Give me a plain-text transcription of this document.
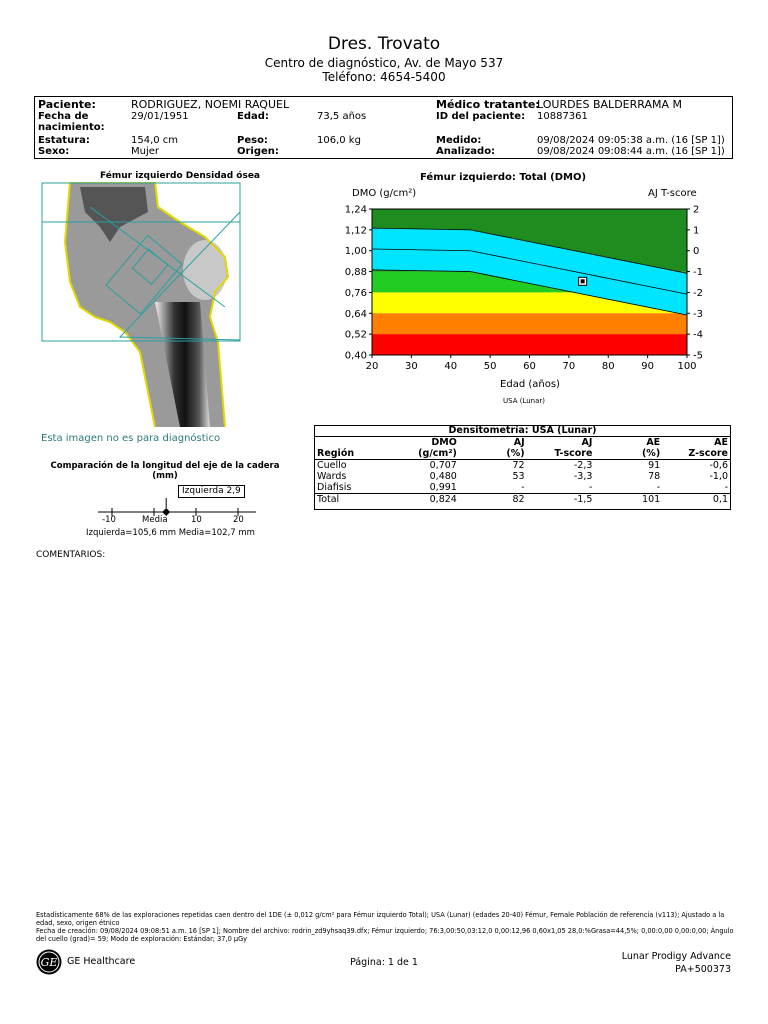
Dres. Trovato
Centro de diagnóstico, Av. de Mayo 537
Teléfono: 4654-5400
Paciente:	RODRIGUEZ, NOEMI RAQUEL
Fecha de nacimiento:
29/01/1951	Edad:	73,5 años
Estatura:	154,0 cm	Peso:	106,0 kg
Sexo:	Mujer	Origen:
Médico tratante:
LOURDES BALDERRAMA M
ID del paciente: 10887361
Medido:	09/08/2024 09:05:38 a.m. (16 [SP 1])
Analizado:	09/08/2024 09:08:44 a.m. (16 [SP 1])
Fémur izquierdo Densidad ósea
Esta imagen no es para diagnóstico
Comparación de la longitud del eje de la cadera (mm)
Izquierda 2,9
-10	Media	10	20
Izquierda=105,6 mm Media=102,7 mm
Fémur izquierdo: Total (DMO)
20	30	40	50	60	70	80	90 100
1,24
1,12
1,00
0,88
0,76
0,64
0,52
0,40
2
1
0
-1
-2
-3
-4
-5
DMO (g/cm²)	AJ T-score
Edad (años)
USA (Lunar)
Densitometría: USA (Lunar)					
	DMO	AJ	AJ	AE	AE
Región	(g/cm²)	(%)	T-score	(%)	Z-score
Cuello	0,707	72	-2,3	91	-0,6
Wards	0,480	53	-3,3	78	-1,0
Diafisis	0,991	-	-	-	-
Total	0,824	82	-1,5	101	0,1
COMENTARIOS:
Estadísticamente 68% de las exploraciones repetidas caen dentro del 1DE (± 0,012 g/cm² para Fémur izquierdo Total); USA (Lunar) (edades 20-40) Fémur, Female Población de referencia (v113); Ajustado a la edad, sexo, origen étnico
Fecha de creación: 09/08/2024 09:08:51 a.m. 16 [SP 1]; Nombre del archivo: rodrin_zd9yhsaq39.dfx; Fémur izquierdo; 76:3,00:50,03:12,0 0,00:12,96 0,60x1,05 28,0:%Grasa=44,5%; 0,00:0,00 0,00:0,00; Ángulo del cuello (grad)= 59; Modo de exploración: Estándar; 37,0 µGy
GE GE Healthcare	Página: 1 de 1
Lunar Prodigy Advance
PA+500373
